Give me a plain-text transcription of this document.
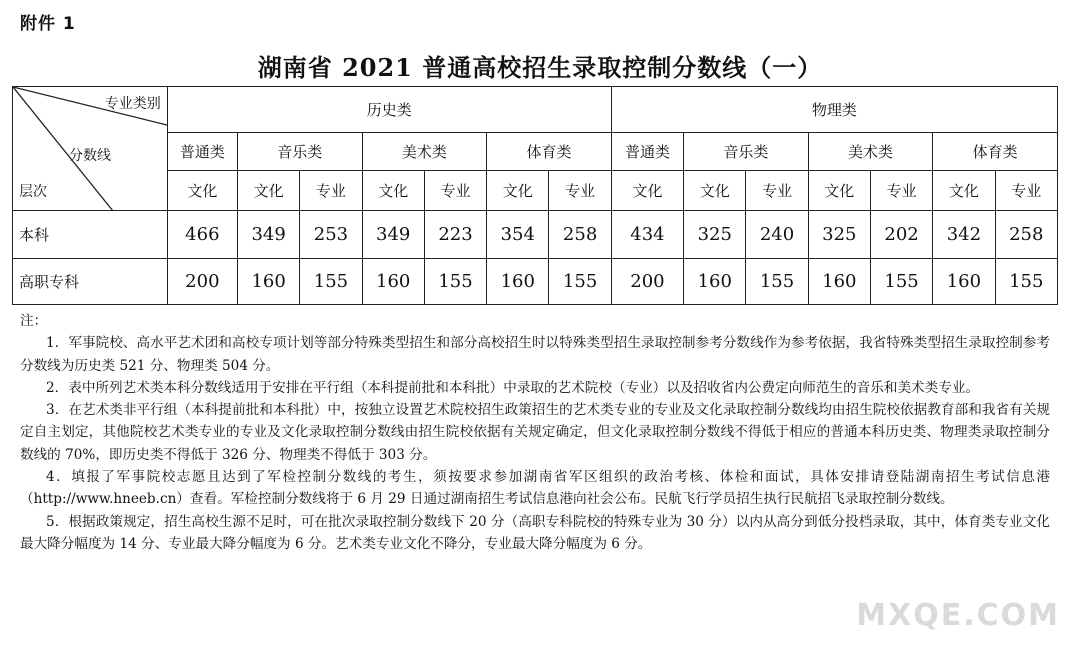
附件 1
湖南省 2021 普通高校招生录取控制分数线（一）
专业类别
分数线
层次	历史类							物理类						
	普通类	音乐类		美术类		体育类		普通类	音乐类		美术类		体育类	
	文化	文化	专业	文化	专业	文化	专业	文化	文化	专业	文化	专业	文化	专业
本科	466	349	253	349	223	354	258	434	325	240	325	202	342	258
高职专科	200	160	155	160	155	160	155	200	160	155	160	155	160	155

注：

1．军事院校、高水平艺术团和高校专项计划等部分特殊类型招生和部分高校招生时以特殊类型招生录取控制参考分数线作为参考依据，我省特殊类型招生录取控制参考分数线为历史类 521 分、物理类 504 分。

2．表中所列艺术类本科分数线适用于安排在平行组（本科提前批和本科批）中录取的艺术院校（专业）以及招收省内公费定向师范生的音乐和美术类专业。

3．在艺术类非平行组（本科提前批和本科批）中，按独立设置艺术院校招生政策招生的艺术类专业的专业及文化录取控制分数线均由招生院校依据教育部和我省有关规定自主划定，其他院校艺术类专业的专业及文化录取控制分数线由招生院校依据有关规定确定，但文化录取控制分数线不得低于相应的普通本科历史类、物理类录取控制分数线的 70%，即历史类不得低于 326 分、物理类不得低于 303 分。

4．填报了军事院校志愿且达到了军检控制分数线的考生，须按要求参加湖南省军区组织的政治考核、体检和面试，具体安排请登陆湖南招生考试信息港（http://www.hneeb.cn）查看。军检控制分数线将于 6 月 29 日通过湖南招生考试信息港向社会公布。民航飞行学员招生执行民航招飞录取控制分数线。

5．根据政策规定，招生高校生源不足时，可在批次录取控制分数线下 20 分（高职专科院校的特殊专业为 30 分）以内从高分到低分投档录取，其中，体育类专业文化最大降分幅度为 14 分、专业最大降分幅度为 6 分。艺术类专业文化不降分，专业最大降分幅度为 6 分。

MXQE.COM
